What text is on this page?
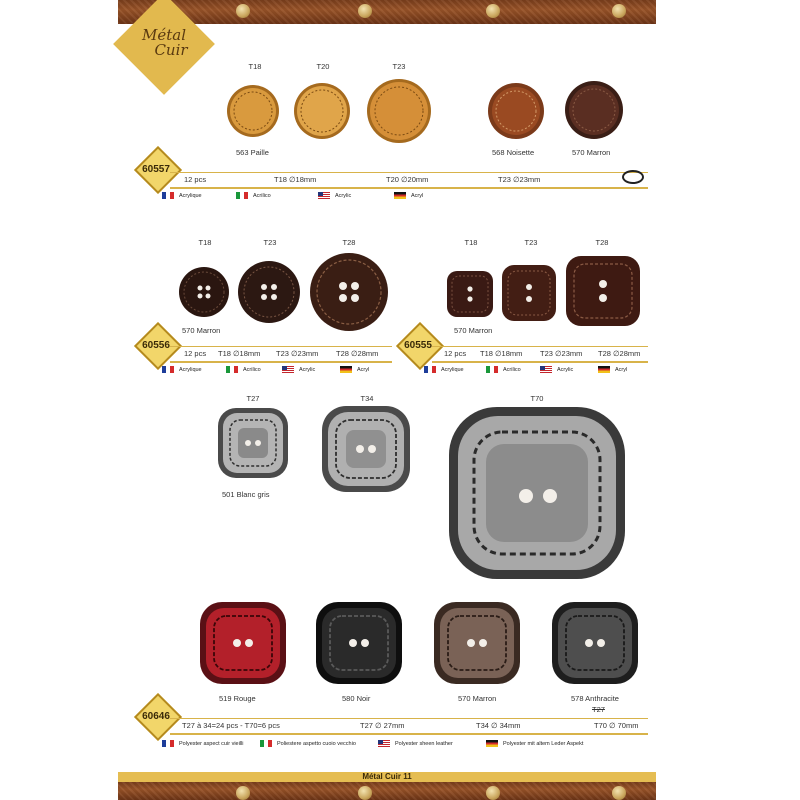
Métal
Cuir
T18	T20	T23
563 Paille	568 Noisette	570 Marron
60557
12 pcs	T18 ∅18mm	T20 ∅20mm	T23 ∅23mm
Acrylique	Acrilico	Acrylic	Acryl
T18	T23	T28
570 Marron
60556
12 pcs T18 ∅18mm T23 ∅23mm T28 ∅28mm
Acrylique	Acrilico	Acrylic	Acryl
T18	T23	T28
570 Marron
60555
12 pcs T18 ∅18mm T23 ∅23mm T28 ∅28mm
Acrylique	Acrilico	Acrylic	Acryl
T27	T34	T70
501 Blanc gris
519 Rouge	580 Noir	570 Marron	578 Anthracite
T27
60646
T27 à 34=24 pcs - T70=6 pcs	T27 ∅ 27mm	T34 ∅ 34mm	T70 ∅ 70mm
Polyester aspect cuir vieilli	Poliestere aspetto cuoio vecchio	Polyester sheen leather	Polyester mit altem Leder Aspekt
Métal Cuir 11
